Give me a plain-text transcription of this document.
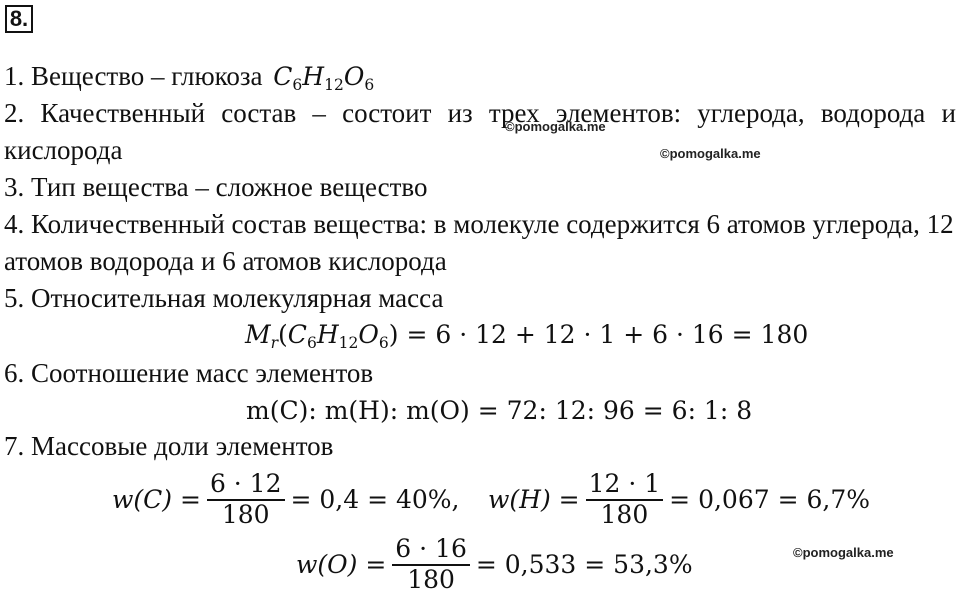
8.
1. Вещество – глюкоза $C_6H_{12}O_6$
2. Качественный состав – состоит из трех элементов: углерода, водорода и
©pomogalka.me
кислорода	©pomogalka.me
3. Тип вещества – сложное вещество
4. Количественный состав вещества: в молекуле содержится 6 атомов углерода, 12
атомов водорода и 6 атомов кислорода
5. Относительная молекулярная масса
$M_r(C_6H_{12}O_6) = 6 \cdot 12 + 12 \cdot 1 + 6 \cdot 16 = 180$
6. Соотношение масс элементов
m(C): m(H): m(O) = 72: 12: 96 = 6: 1: 8
7. Массовые доли элементов
$w(C) = \frac{6 \cdot 12}{180} = 0,4 = 40\%$, $w(H) = \frac{12 \cdot 1}{180} = 0,067 = 6,7\%$
©pomogalka.me
$w(O) = \frac{6 \cdot 16}{180} = 0,533 = 53,3\%$
